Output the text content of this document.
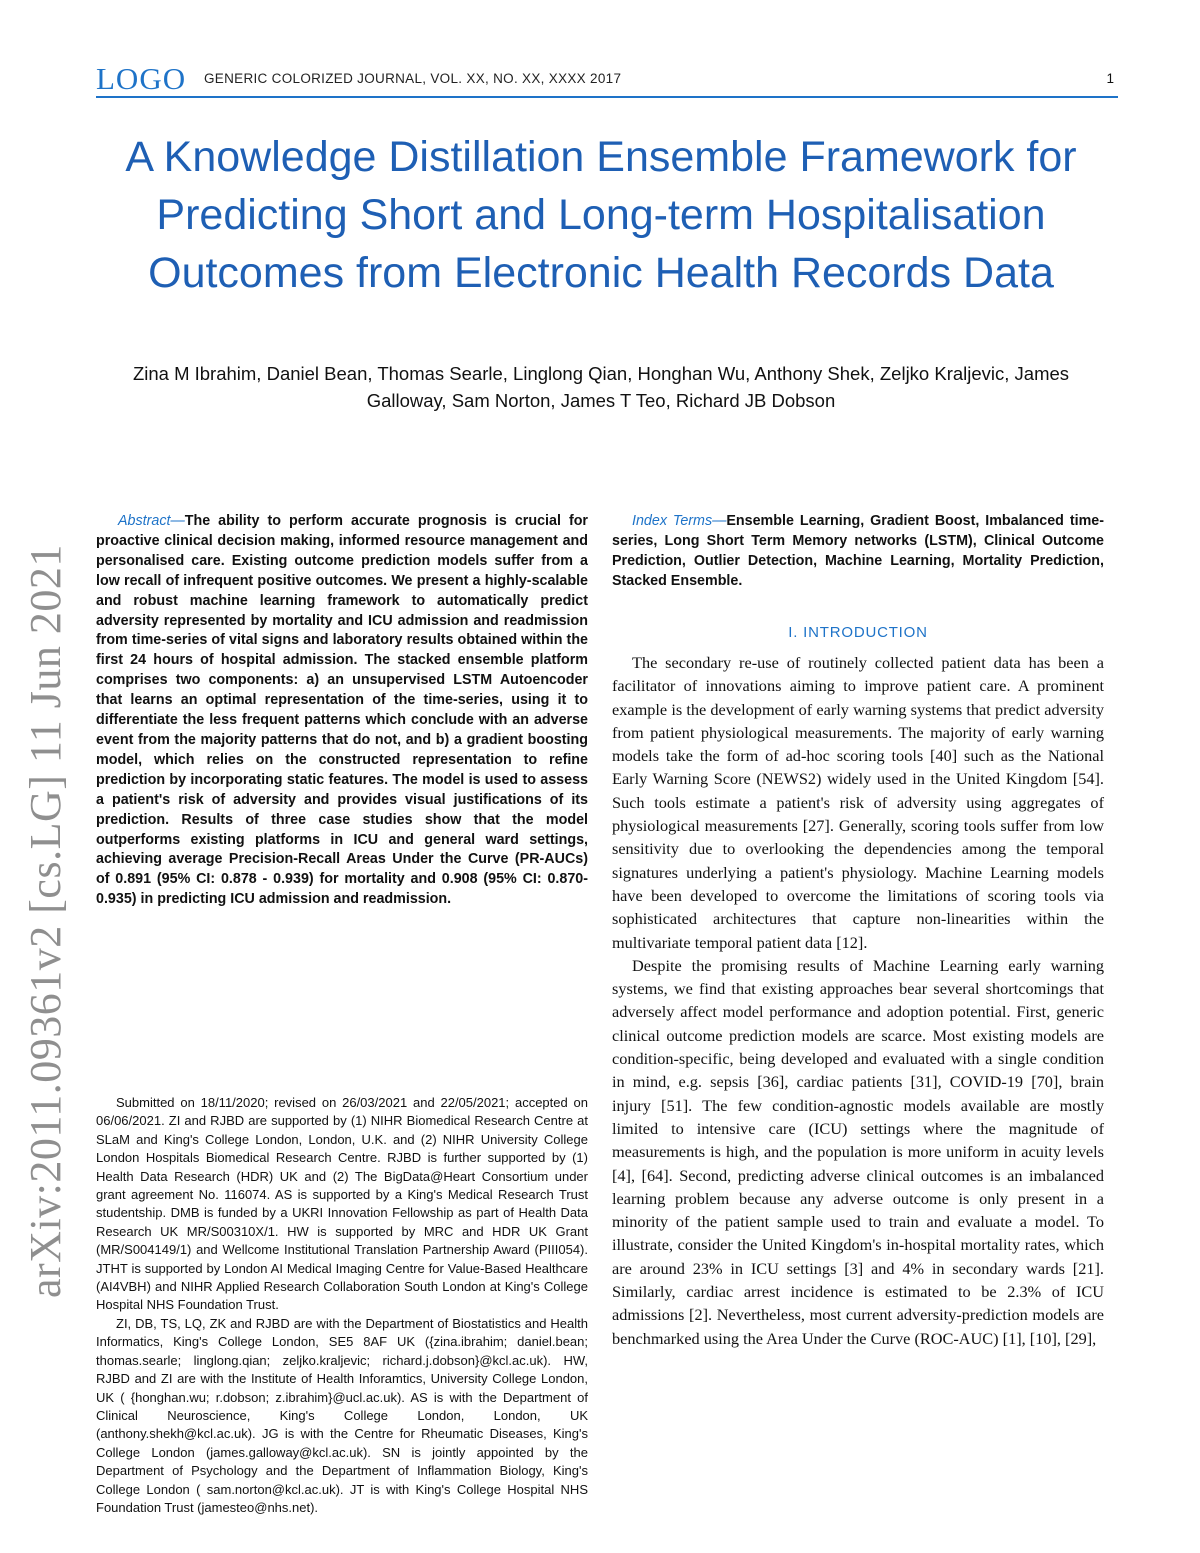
LOGO GENERIC COLORIZED JOURNAL, VOL. XX, NO. XX, XXXX 2017	1
arXiv:2011.09361v2 [cs.LG] 11 Jun 2021
A Knowledge Distillation Ensemble Framework for Predicting Short and Long-term Hospitalisation Outcomes from Electronic Health Records Data
Zina M Ibrahim, Daniel Bean, Thomas Searle, Linglong Qian, Honghan Wu, Anthony Shek, Zeljko Kraljevic, James Galloway, Sam Norton, James T Teo, Richard JB Dobson

Abstract—The ability to perform accurate prognosis is crucial for proactive clinical decision making, informed resource management and personalised care. Existing outcome prediction models suffer from a low recall of infrequent positive outcomes. We present a highly-scalable and robust machine learning framework to automatically predict adversity represented by mortality and ICU admission and readmission from time-series of vital signs and laboratory results obtained within the first 24 hours of hospital admission. The stacked ensemble platform comprises two components: a) an unsupervised LSTM Autoencoder that learns an optimal representation of the time-series, using it to differentiate the less frequent patterns which conclude with an adverse event from the majority patterns that do not, and b) a gradient boosting model, which relies on the constructed representation to refine prediction by incorporating static features. The model is used to assess a patient's risk of adversity and provides visual justifications of its prediction. Results of three case studies show that the model outperforms existing platforms in ICU and general ward settings, achieving average Precision-Recall Areas Under the Curve (PR-AUCs) of 0.891 (95% CI: 0.878 - 0.939) for mortality and 0.908 (95% CI: 0.870-0.935) in predicting ICU admission and readmission.

Submitted on 18/11/2020; revised on 26/03/2021 and 22/05/2021; accepted on 06/06/2021. ZI and RJBD are supported by (1) NIHR Biomedical Research Centre at SLaM and King's College London, London, U.K. and (2) NIHR University College London Hospitals Biomedical Research Centre. RJBD is further supported by (1) Health Data Research (HDR) UK and (2) The BigData@Heart Consortium under grant agreement No. 116074. AS is supported by a King's Medical Research Trust studentship. DMB is funded by a UKRI Innovation Fellowship as part of Health Data Research UK MR/S00310X/1. HW is supported by MRC and HDR UK Grant (MR/S004149/1) and Wellcome Institutional Translation Partnership Award (PIII054). JTHT is supported by London AI Medical Imaging Centre for Value-Based Healthcare (AI4VBH) and NIHR Applied Research Collaboration South London at King's College Hospital NHS Foundation Trust.

ZI, DB, TS, LQ, ZK and RJBD are with the Department of Biostatistics and Health Informatics, King's College London, SE5 8AF UK ({zina.ibrahim; daniel.bean; thomas.searle; linglong.qian; zeljko.kraljevic; richard.j.dobson}@kcl.ac.uk). HW, RJBD and ZI are with the Institute of Health Inforamtics, University College London, UK ( {honghan.wu; r.dobson; z.ibrahim}@ucl.ac.uk). AS is with the Department of Clinical Neuroscience, King's College London, London, UK (anthony.shekh@kcl.ac.uk). JG is with the Centre for Rheumatic Diseases, King's College London (james.galloway@kcl.ac.uk). SN is jointly appointed by the Department of Psychology and the Department of Inflammation Biology, King's College London ( sam.norton@kcl.ac.uk). JT is with King's College Hospital NHS Foundation Trust (jamesteo@nhs.net).

Index Terms—Ensemble Learning, Gradient Boost, Imbalanced time-series, Long Short Term Memory networks (LSTM), Clinical Outcome Prediction, Outlier Detection, Machine Learning, Mortality Prediction, Stacked Ensemble.

I. INTRODUCTION

The secondary re-use of routinely collected patient data has been a facilitator of innovations aiming to improve patient care. A prominent example is the development of early warning systems that predict adversity from patient physiological measurements. The majority of early warning models take the form of ad-hoc scoring tools [40] such as the National Early Warning Score (NEWS2) widely used in the United Kingdom [54]. Such tools estimate a patient's risk of adversity using aggregates of physiological measurements [27]. Generally, scoring tools suffer from low sensitivity due to overlooking the dependencies among the temporal signatures underlying a patient's physiology. Machine Learning models have been developed to overcome the limitations of scoring tools via sophisticated architectures that capture non-linearities within the multivariate temporal patient data [12].

Despite the promising results of Machine Learning early warning systems, we find that existing approaches bear several shortcomings that adversely affect model performance and adoption potential. First, generic clinical outcome prediction models are scarce. Most existing models are condition-specific, being developed and evaluated with a single condition in mind, e.g. sepsis [36], cardiac patients [31], COVID-19 [70], brain injury [51]. The few condition-agnostic models available are mostly limited to intensive care (ICU) settings where the magnitude of measurements is high, and the population is more uniform in acuity levels [4], [64]. Second, predicting adverse clinical outcomes is an imbalanced learning problem because any adverse outcome is only present in a minority of the patient sample used to train and evaluate a model. To illustrate, consider the United Kingdom's in-hospital mortality rates, which are around 23% in ICU settings [3] and 4% in secondary wards [21]. Similarly, cardiac arrest incidence is estimated to be 2.3% of ICU admissions [2]. Nevertheless, most current adversity-prediction models are benchmarked using the Area Under the Curve (ROC-AUC) [1], [10], [29],
